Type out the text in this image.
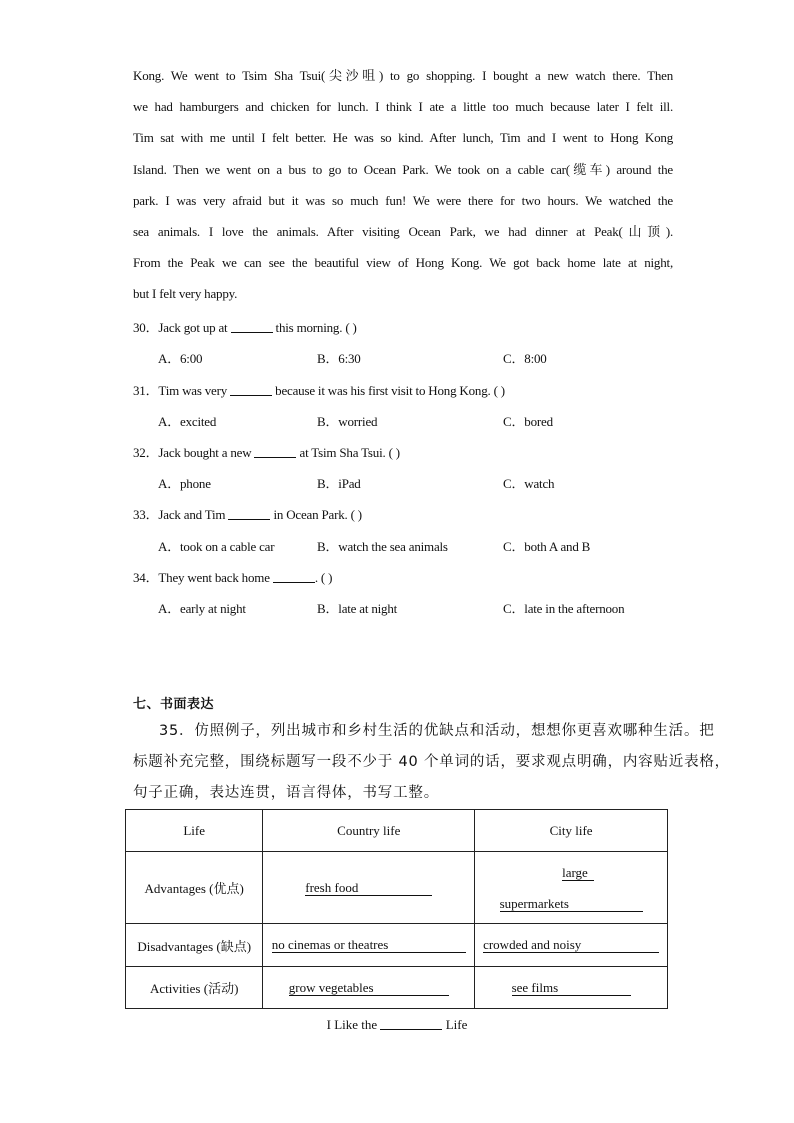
Kong. We went to Tsim Sha Tsui(尖沙咀) to go shopping. I bought a new watch there. Then
we had hamburgers and chicken for lunch. I think I ate a little too much because later I felt ill.
Tim sat with me until I felt better. He was so kind. After lunch, Tim and I went to Hong Kong
Island. Then we went on a bus to go to Ocean Park. We took on a cable car(缆车) around the
park. I was very afraid but it was so much fun! We were there for two hours. We watched the
sea animals. I love the animals. After visiting Ocean Park, we had dinner at Peak(山顶).
From the Peak we can see the beautiful view of Hong Kong. We got back home late at night,
but I felt very happy.
30．Jack got up at	this morning. ( )
A．6:00	B．6:30	C．8:00
31．Tim was very	because it was his first visit to Hong Kong. ( )
A．excited	B．worried	C．bored
32．Jack bought a new	at Tsim Sha Tsui. ( )
A．phone	B．iPad	C．watch
33．Jack and Tim	in Ocean Park. ( )
A．took on a cable car	B．watch the sea animals	C．both A and B
34．They went back home	. ( )
A．early at night	B．late at night	C．late in the afternoon
七、书面表达
35．仿照例子，列出城市和乡村生活的优缺点和活动，想想你更喜欢哪种生活。把
标题补充完整，围绕标题写一段不少于 40 个单词的话，要求观点明确，内容贴近表格，
句子正确，表达连贯，语言得体，书写工整。
Life	Country life	City life
Advantages (优点)	fresh food	large
supermarkets

Disadvantages (缺点)	no cinemas or theatres	crowded and noisy
Activities (活动)	grow vegetables	see films
I Like the	Life
